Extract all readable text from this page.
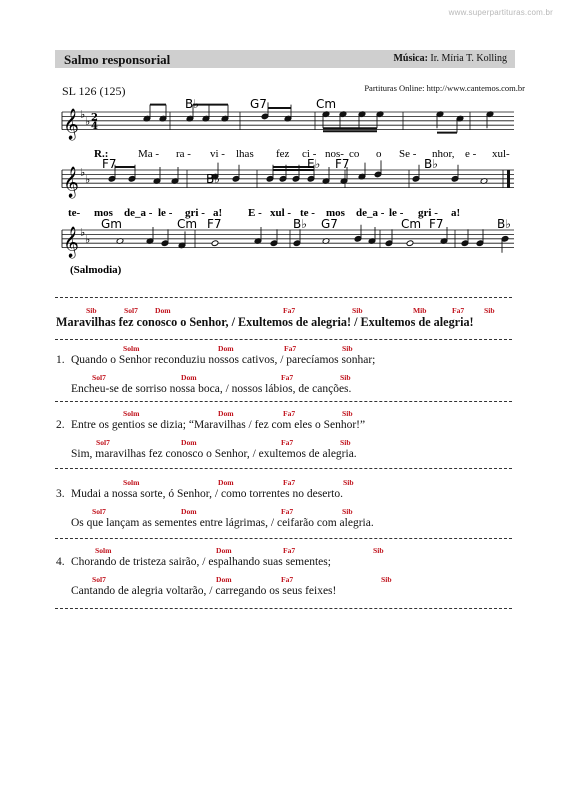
www.superpartituras.com.br
Salmo responsorial	Música: Ir. Míria T. Kolling
SL 126 (125)	Partituras Online: http://www.cantemos.com.br
𝄞 ♭
♭
𝄞 ♭
♭
𝄞 ♭
♭
2
4
B♭	G7	Cm
F7
B♭
E♭ F7	B♭
Gm	Cm F7	B♭ G7	Cm F7	B♭
R.:	Ma - ra - vi - lhas fez ci - nos- co o Se - nhor, e - xul-
te- mos de_a - le - gri - a! E - xul - te - mos de_a - le - gri - a!
(Salmodia)
Sib	Sol7 Dom	Fa7	Sib	Mib	Fa7	Sib
Maravilhas fez conosco o Senhor, / Exultemos de alegria! / Exultemos de alegria!
1. Quando o Senhor reconduziu nossos cativos, / parecíamos sonhar;
Encheu-se de sorriso nossa boca, / nossos lábios, de canções.
Solm	Dom	Fa7	Sib
Sol7	Dom	Fa7	Sib
2. Entre os gentios se dizia; “Maravilhas / fez com eles o Senhor!”
Sim, maravilhas fez conosco o Senhor, / exultemos de alegria.
Solm	Dom	Fa7	Sib
Sol7	Dom	Fa7	Sib
3. Mudai a nossa sorte, ó Senhor, / como torrentes no deserto.
Os que lançam as sementes entre lágrimas, / ceifarão com alegria.
Solm	Dom	Fa7	Sib
Sol7	Dom	Fa7	Sib
4. Chorando de tristeza sairão, / espalhando suas sementes;
Cantando de alegria voltarão, / carregando os seus feixes!
Solm	Dom	Fa7	Sib
Sol7	Dom	Fa7	Sib
